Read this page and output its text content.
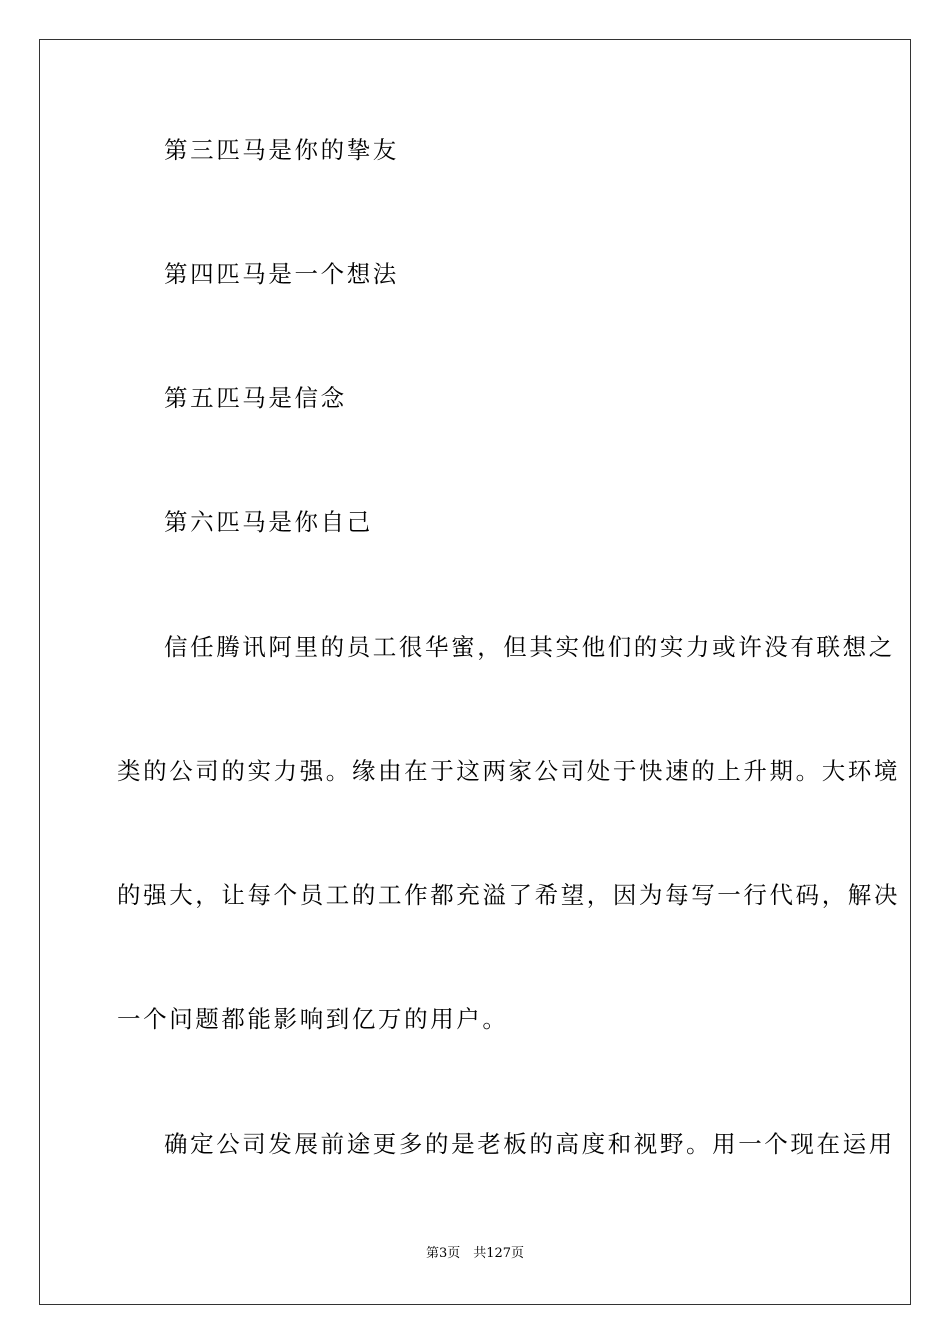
第三匹马是你的挚友
第四匹马是一个想法
第五匹马是信念
第六匹马是你自己
信任腾讯阿里的员工很华蜜，但其实他们的实力或许没有联想之
类的公司的实力强。缘由在于这两家公司处于快速的上升期。大环境
的强大，让每个员工的工作都充溢了希望，因为每写一行代码，解决
一个问题都能影响到亿万的用户。
确定公司发展前途更多的是老板的高度和视野。用一个现在运用
第3页　共127页
